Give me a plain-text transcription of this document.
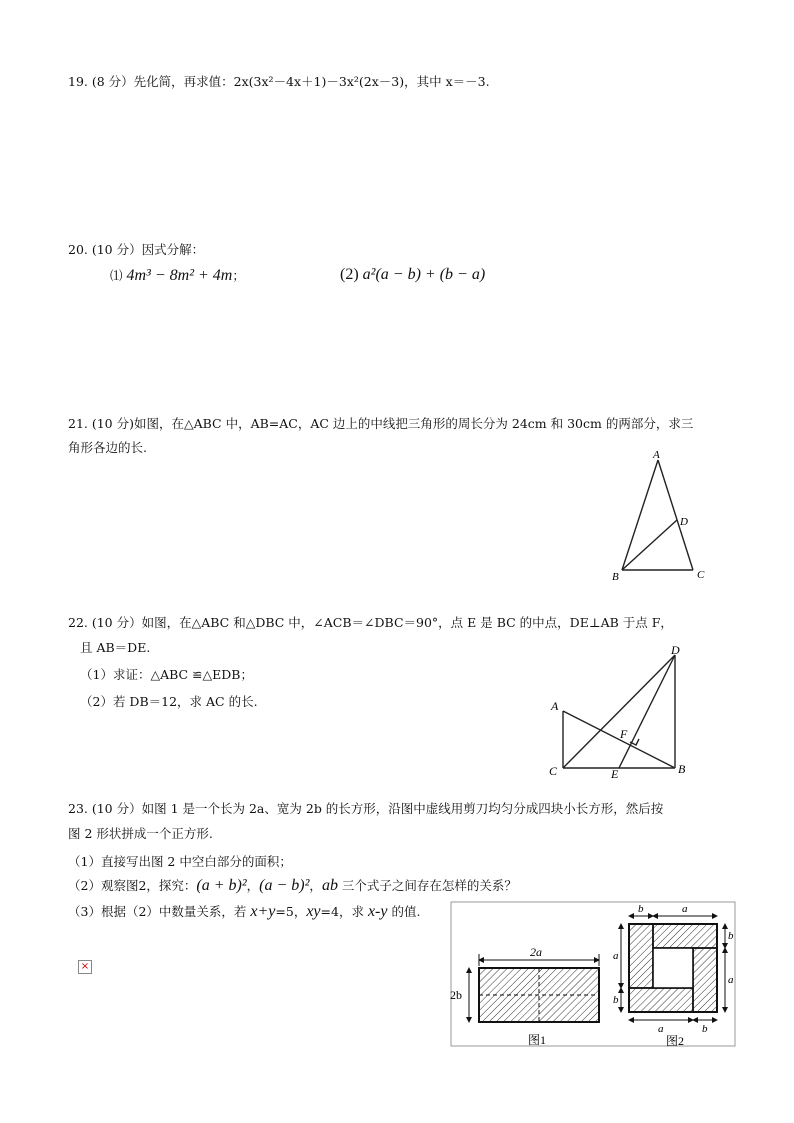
19. (8 分）先化简，再求值：2x(3x²－4x＋1)－3x²(2x－3)，其中 x＝－3.
20. (10 分）因式分解：
⑴ 4m³ − 8m² + 4m；	(2) a²(a − b) + (b − a)
21. (10 分)如图，在△ABC 中，AB=AC，AC 边上的中线把三角形的周长分为 24cm 和 30cm 的两部分，求三
角形各边的长.	A
D
B	C
22. (10 分）如图，在△ABC 和△DBC 中，∠ACB＝∠DBC＝90°，点 E 是 BC 的中点，DE⊥AB 于点 F，
且 AB＝DE.
（1）求证：△ABC ≌△EDB；
（2）若 DB＝12，求 AC 的长.
D
A
F
C	E	B
23. (10 分）如图 1 是一个长为 2a、宽为 2b 的长方形，沿图中虚线用剪刀均匀分成四块小长方形，然后按
图 2 形状拼成一个正方形.
（1）直接写出图 2 中空白部分的面积；
（2）观察图2，探究：(a + b)²，(a − b)²，ab 三个式子之间存在怎样的关系？
（3）根据（2）中数量关系，若 x+y=5，xy=4，求 x-y 的值.
×
2a
2b
图1
b	a
a
b
b
a
a	b
图2
